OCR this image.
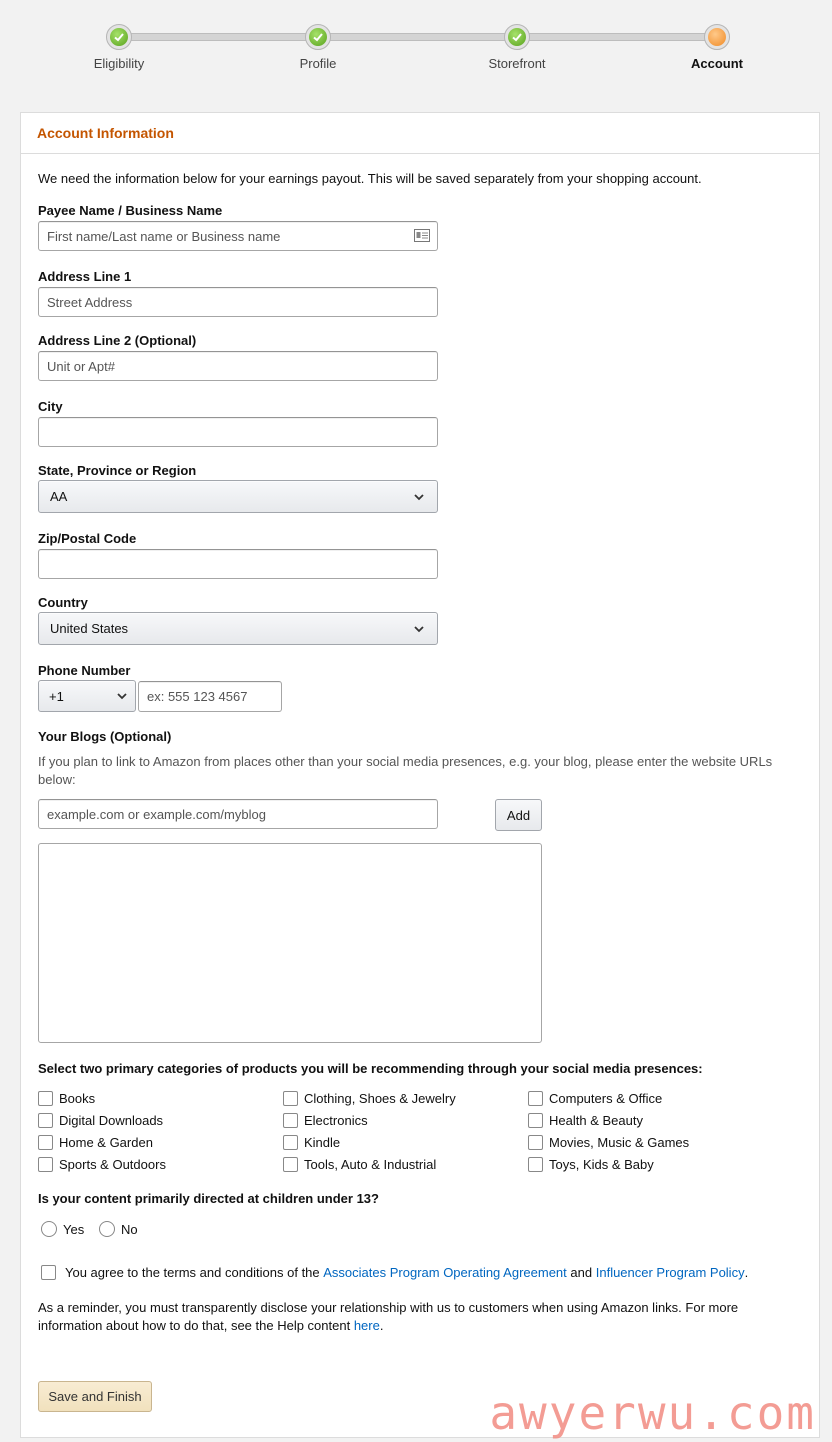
Eligibility	Profile	Storefront	Account
Account Information
We need the information below for your earnings payout. This will be saved separately from your shopping account.
Payee Name / Business Name
First name/Last name or Business name
Address Line 1
Street Address
Address Line 2 (Optional)
Unit or Apt#
City
State, Province or Region
AA
Zip/Postal Code
Country
United States
Phone Number
+1
ex: 555 123 4567
Your Blogs (Optional)
If you plan to link to Amazon from places other than your social media presences, e.g. your blog, please enter the website URLs below:
example.com or example.com/myblog
Add
Select two primary categories of products you will be recommending through your social media presences:
Books
Digital Downloads
Home & Garden
Sports & Outdoors
Clothing, Shoes & Jewelry
Electronics
Kindle
Tools, Auto & Industrial
Computers & Office
Health & Beauty
Movies, Music & Games
Toys, Kids & Baby
Is your content primarily directed at children under 13?
Yes	No
You agree to the terms and conditions of the
Associates Program Operating Agreement
and
Influencer Program Policy .
As a reminder, you must transparently disclose your relationship with us to customers when using Amazon links. For more information about how to do that, see the Help content here.
Save and Finish	awyerwu.com
